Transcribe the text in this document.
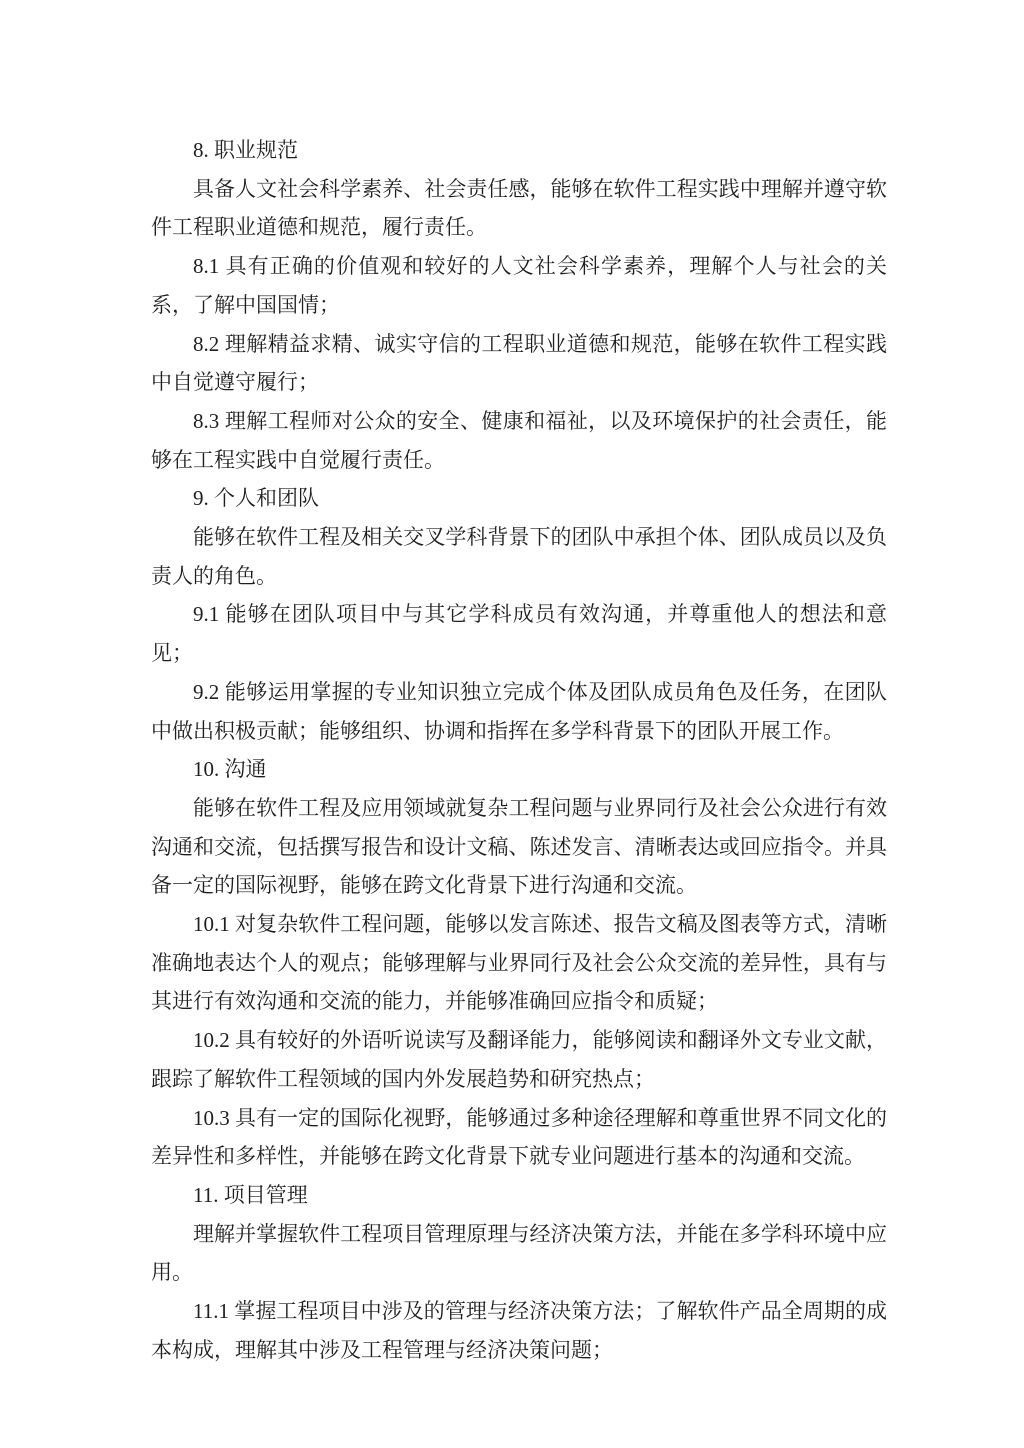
8. 职业规范

具备人文社会科学素养、社会责任感，能够在软件工程实践中理解并遵守软件工程职业道德和规范，履行责任。

8.1 具有正确的价值观和较好的人文社会科学素养，理解个人与社会的关系，了解中国国情；

8.2 理解精益求精、诚实守信的工程职业道德和规范，能够在软件工程实践中自觉遵守履行；

8.3 理解工程师对公众的安全、健康和福祉，以及环境保护的社会责任，能够在工程实践中自觉履行责任。

9. 个人和团队

能够在软件工程及相关交叉学科背景下的团队中承担个体、团队成员以及负责人的角色。

9.1 能够在团队项目中与其它学科成员有效沟通，并尊重他人的想法和意见；

9.2 能够运用掌握的专业知识独立完成个体及团队成员角色及任务，在团队中做出积极贡献；能够组织、协调和指挥在多学科背景下的团队开展工作。

10. 沟通

能够在软件工程及应用领域就复杂工程问题与业界同行及社会公众进行有效沟通和交流，包括撰写报告和设计文稿、陈述发言、清晰表达或回应指令。并具备一定的国际视野，能够在跨文化背景下进行沟通和交流。

10.1 对复杂软件工程问题，能够以发言陈述、报告文稿及图表等方式，清晰准确地表达个人的观点；能够理解与业界同行及社会公众交流的差异性，具有与其进行有效沟通和交流的能力，并能够准确回应指令和质疑；

10.2 具有较好的外语听说读写及翻译能力，能够阅读和翻译外文专业文献，跟踪了解软件工程领域的国内外发展趋势和研究热点；

10.3 具有一定的国际化视野，能够通过多种途径理解和尊重世界不同文化的差异性和多样性，并能够在跨文化背景下就专业问题进行基本的沟通和交流。

11. 项目管理

理解并掌握软件工程项目管理原理与经济决策方法，并能在多学科环境中应用。

11.1 掌握工程项目中涉及的管理与经济决策方法；了解软件产品全周期的成本构成，理解其中涉及工程管理与经济决策问题；
